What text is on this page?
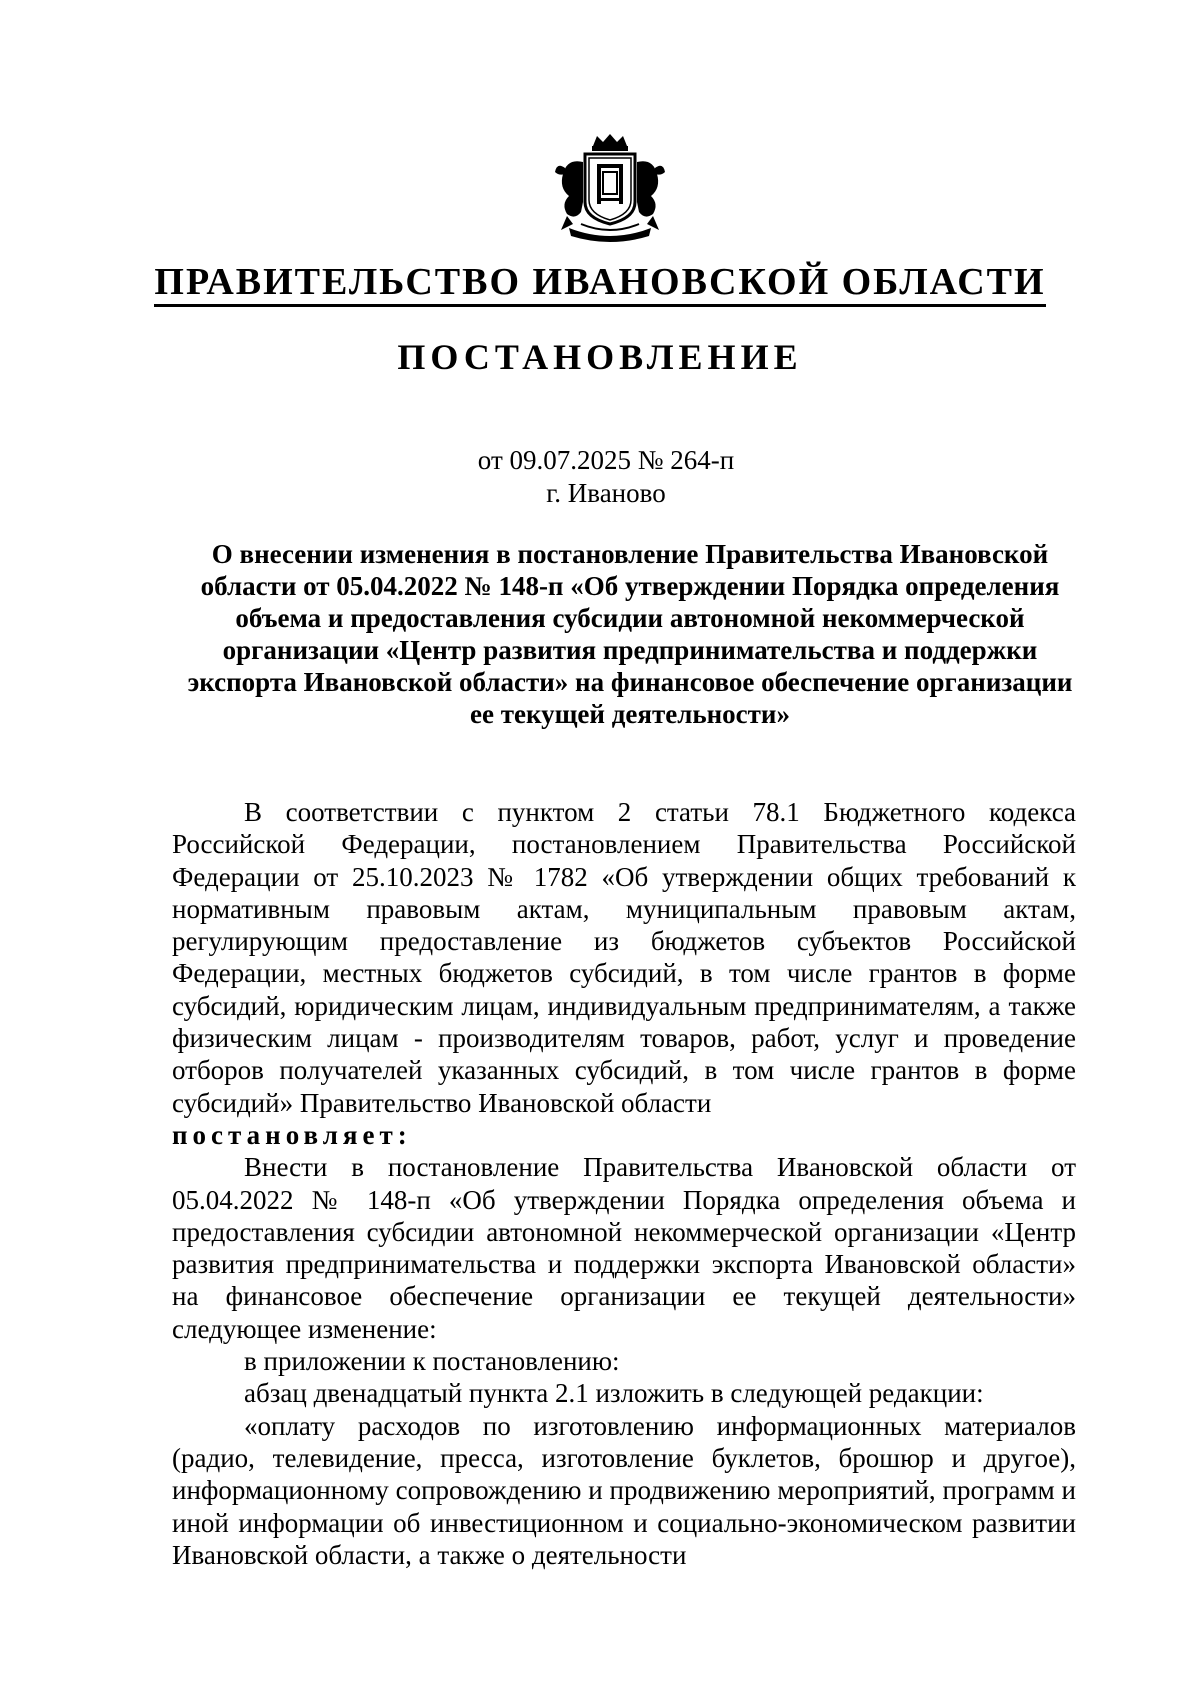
ПРАВИТЕЛЬСТВО ИВАНОВСКОЙ ОБЛАСТИ
ПОСТАНОВЛЕНИЕ
от 09.07.2025 № 264-п
г. Иваново
О внесении изменения в постановление Правительства Ивановской области от 05.04.2022 № 148-п «Об утверждении Порядка определения объема и предоставления субсидии автономной некоммерческой организации «Центр развития предпринимательства и поддержки экспорта Ивановской области» на финансовое обеспечение организации ее текущей деятельности»

В соответствии с пунктом 2 статьи 78.1 Бюджетного кодекса Российской Федерации, постановлением Правительства Российской Федерации от 25.10.2023 № 1782 «Об утверждении общих требований к нормативным правовым актам, муниципальным правовым актам, регулирующим предоставление из бюджетов субъектов Российской Федерации, местных бюджетов субсидий, в том числе грантов в форме субсидий, юридическим лицам, индивидуальным предпринимателям, а также физическим лицам - производителям товаров, работ, услуг и проведение отборов получателей указанных субсидий, в том числе грантов в форме субсидий» Правительство Ивановской области
постановляет:

Внести в постановление Правительства Ивановской области от 05.04.2022 № 148-п «Об утверждении Порядка определения объема и предоставления субсидии автономной некоммерческой организации «Центр развития предпринимательства и поддержки экспорта Ивановской области» на финансовое обеспечение организации ее текущей деятельности» следующее изменение:

в приложении к постановлению:

абзац двенадцатый пункта 2.1 изложить в следующей редакции:

«оплату расходов по изготовлению информационных материалов (радио, телевидение, пресса, изготовление буклетов, брошюр и другое), информационному сопровождению и продвижению мероприятий, программ и иной информации об инвестиционном и социально-экономическом развитии Ивановской области, а также о деятельности
